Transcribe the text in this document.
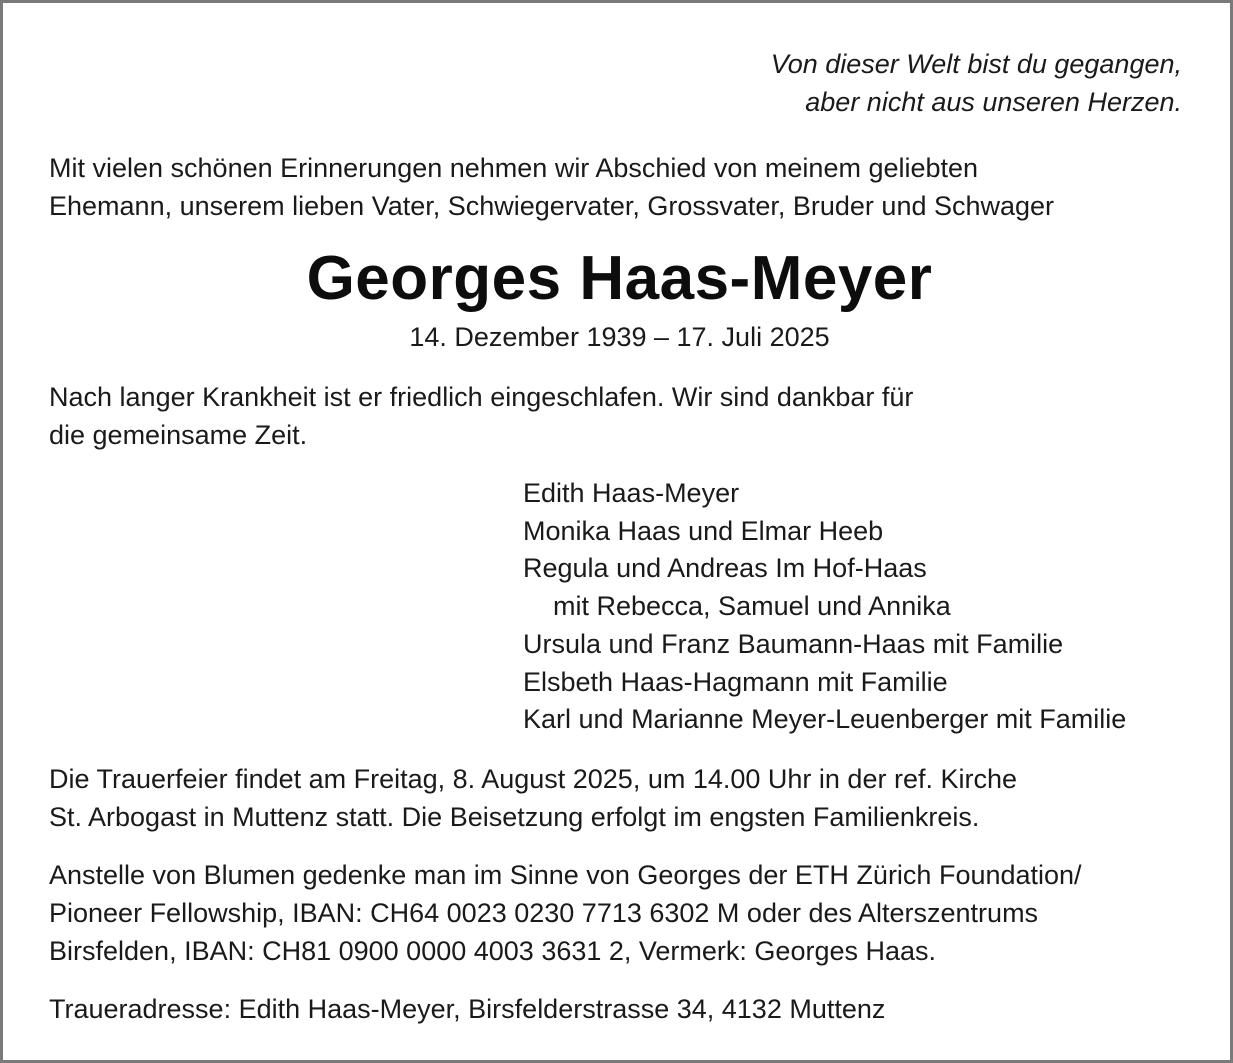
Von dieser Welt bist du gegangen,
aber nicht aus unseren Herzen.
Mit vielen schönen Erinnerungen nehmen wir Abschied von meinem geliebten
Ehemann, unserem lieben Vater, Schwiegervater, Grossvater, Bruder und Schwager
Georges Haas-Meyer
14. Dezember 1939 – 17. Juli 2025
Nach langer Krankheit ist er friedlich eingeschlafen. Wir sind dankbar für
die gemeinsame Zeit.
Edith Haas-Meyer
Monika Haas und Elmar Heeb
Regula und Andreas Im Hof-Haas
mit Rebecca, Samuel und Annika
Ursula und Franz Baumann-Haas mit Familie
Elsbeth Haas-Hagmann mit Familie
Karl und Marianne Meyer-Leuenberger mit Familie
Die Trauerfeier findet am Freitag, 8. August 2025, um 14.00 Uhr in der ref. Kirche
St. Arbogast in Muttenz statt. Die Beisetzung erfolgt im engsten Familienkreis.
Anstelle von Blumen gedenke man im Sinne von Georges der ETH Zürich Foundation/
Pioneer Fellowship, IBAN: CH64 0023 0230 7713 6302 M oder des Alterszentrums
Birsfelden, IBAN: CH81 0900 0000 4003 3631 2, Vermerk: Georges Haas.
Traueradresse: Edith Haas-Meyer, Birsfelderstrasse 34, 4132 Muttenz
